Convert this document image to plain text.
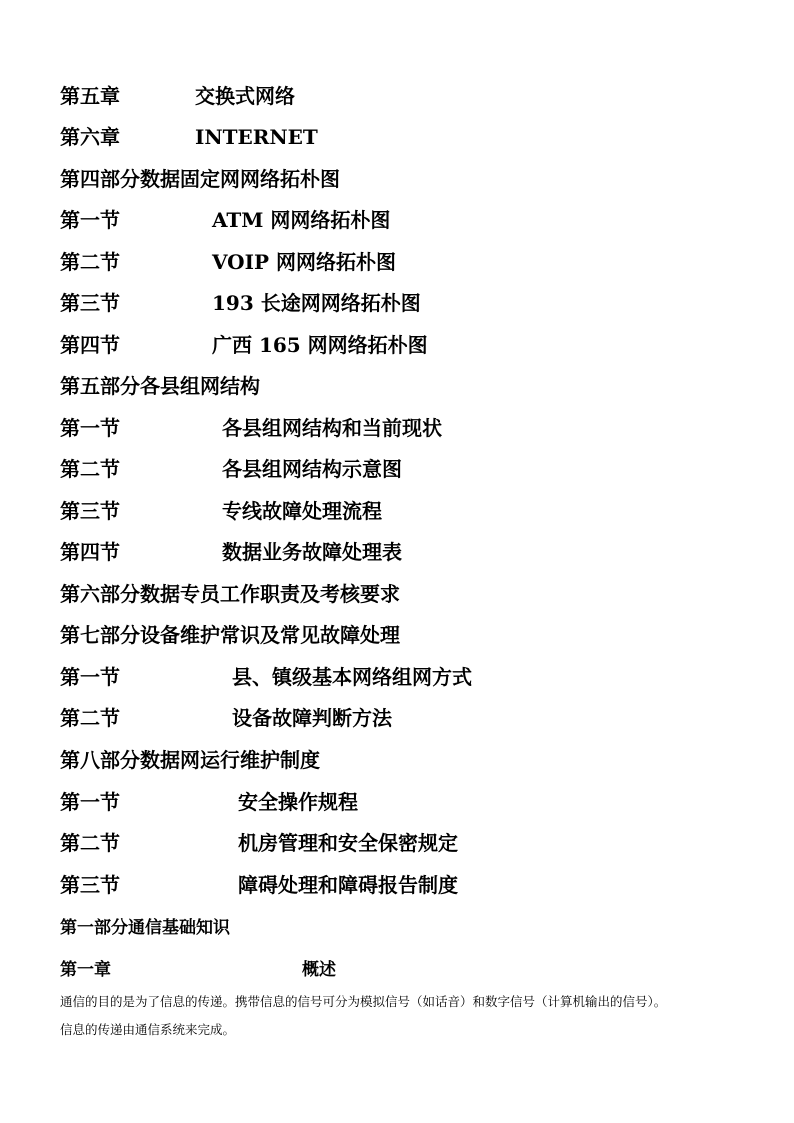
第五章	交换式网络
第六章	INTERNET
第四部分数据固定网网络拓朴图
第一节	ATM 网网络拓朴图
第二节	VOIP 网网络拓朴图
第三节	193 长途网网络拓朴图
第四节	广西 165 网网络拓朴图
第五部分各县组网结构
第一节	各县组网结构和当前现状
第二节	各县组网结构示意图
第三节	专线故障处理流程
第四节	数据业务故障处理表
第六部分数据专员工作职责及考核要求
第七部分设备维护常识及常见故障处理
第一节	县、镇级基本网络组网方式
第二节	设备故障判断方法
第八部分数据网运行维护制度
第一节	安全操作规程
第二节	机房管理和安全保密规定
第三节	障碍处理和障碍报告制度
第一部分通信基础知识
第一章	概述
通信的目的是为了信息的传递。携带信息的信号可分为模拟信号（如话音）和数字信号（计算机输出的信号）。
信息的传递由通信系统来完成。
